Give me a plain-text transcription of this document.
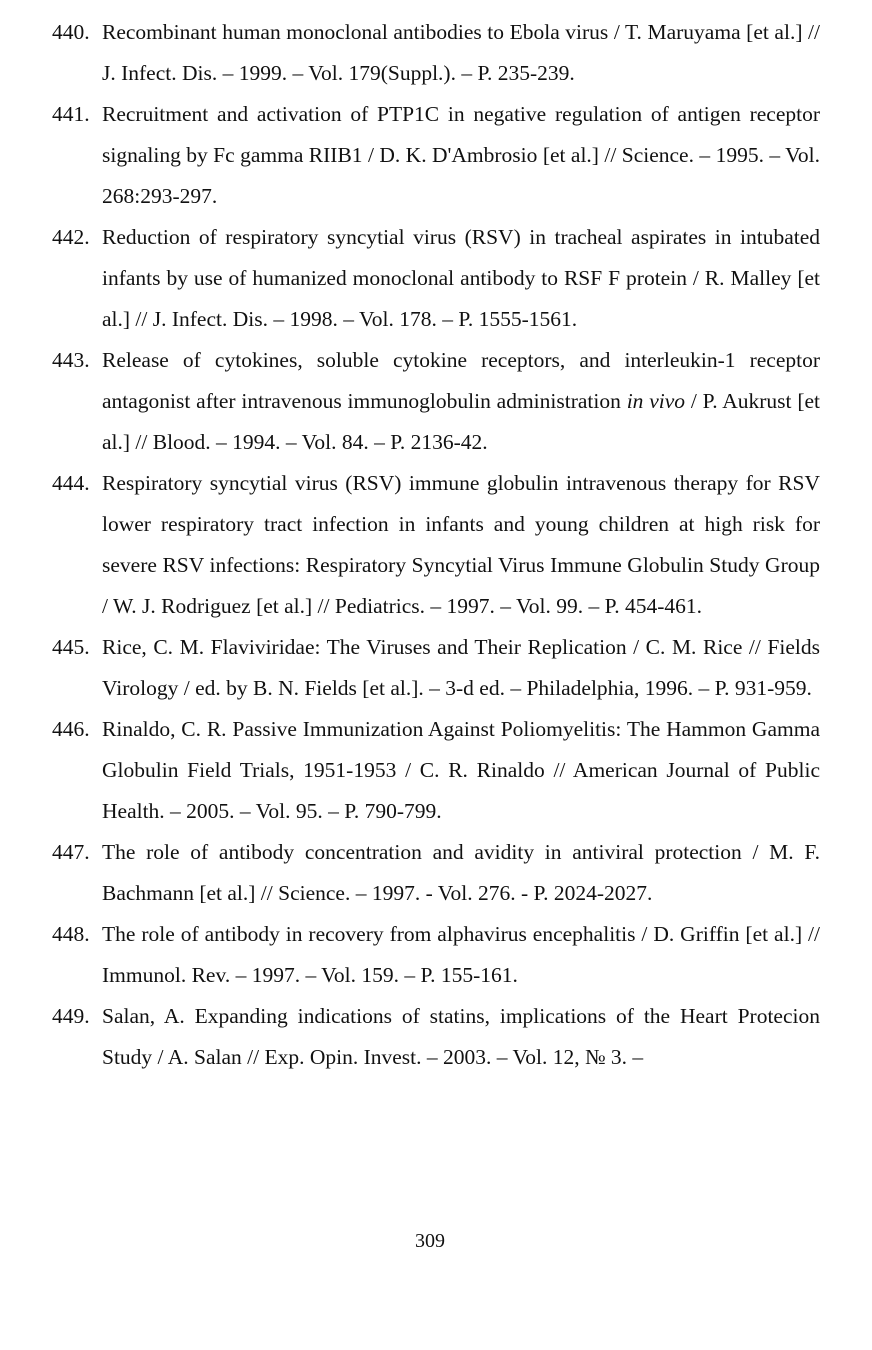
440. Recombinant human monoclonal antibodies to Ebola virus / T. Maruyama [et al.] // J. Infect. Dis. – 1999. – Vol. 179(Suppl.). – P. 235-239.
441. Recruitment and activation of PTP1C in negative regulation of antigen receptor signaling by Fc gamma RIIB1 / D. K. D'Ambrosio [et al.] // Science. – 1995. – Vol. 268:293-297.
442. Reduction of respiratory syncytial virus (RSV) in tracheal aspirates in intubated infants by use of humanized monoclonal antibody to RSF F protein / R. Malley [et al.] // J. Infect. Dis. – 1998. – Vol. 178. – P. 1555-1561.
443. Release of cytokines, soluble cytokine receptors, and interleukin-1 receptor antagonist after intravenous immunoglobulin administration in vivo / P. Aukrust [et al.] // Blood. – 1994. – Vol. 84. – P. 2136-42.
444. Respiratory syncytial virus (RSV) immune globulin intravenous therapy for RSV lower respiratory tract infection in infants and young children at high risk for severe RSV infections: Respiratory Syncytial Virus Immune Globulin Study Group / W. J. Rodriguez [et al.] // Pediatrics. – 1997. – Vol. 99. – P. 454-461.
445. Rice, C. M. Flaviviridae: The Viruses and Their Replication / C. M. Rice // Fields Virology / ed. by B. N. Fields [et al.]. – 3-d ed. – Philadelphia, 1996. – P. 931-959.
446. Rinaldo, C. R. Passive Immunization Against Poliomyelitis: The Hammon Gamma Globulin Field Trials, 1951-1953 / C. R. Rinaldo // American Journal of Public Health. – 2005. – Vol. 95. – P. 790-799.
447. The role of antibody concentration and avidity in antiviral protection / M. F. Bachmann [et al.] // Science. – 1997. - Vol. 276. - P. 2024-2027.
448. The role of antibody in recovery from alphavirus encephalitis / D. Griffin [et al.] // Immunol. Rev. – 1997. – Vol. 159. – P. 155-161.
449. Salan, A. Expanding indications of statins, implications of the Heart Protecion Study / A. Salan // Exp. Opin. Invest. – 2003. – Vol. 12, № 3. –
309
